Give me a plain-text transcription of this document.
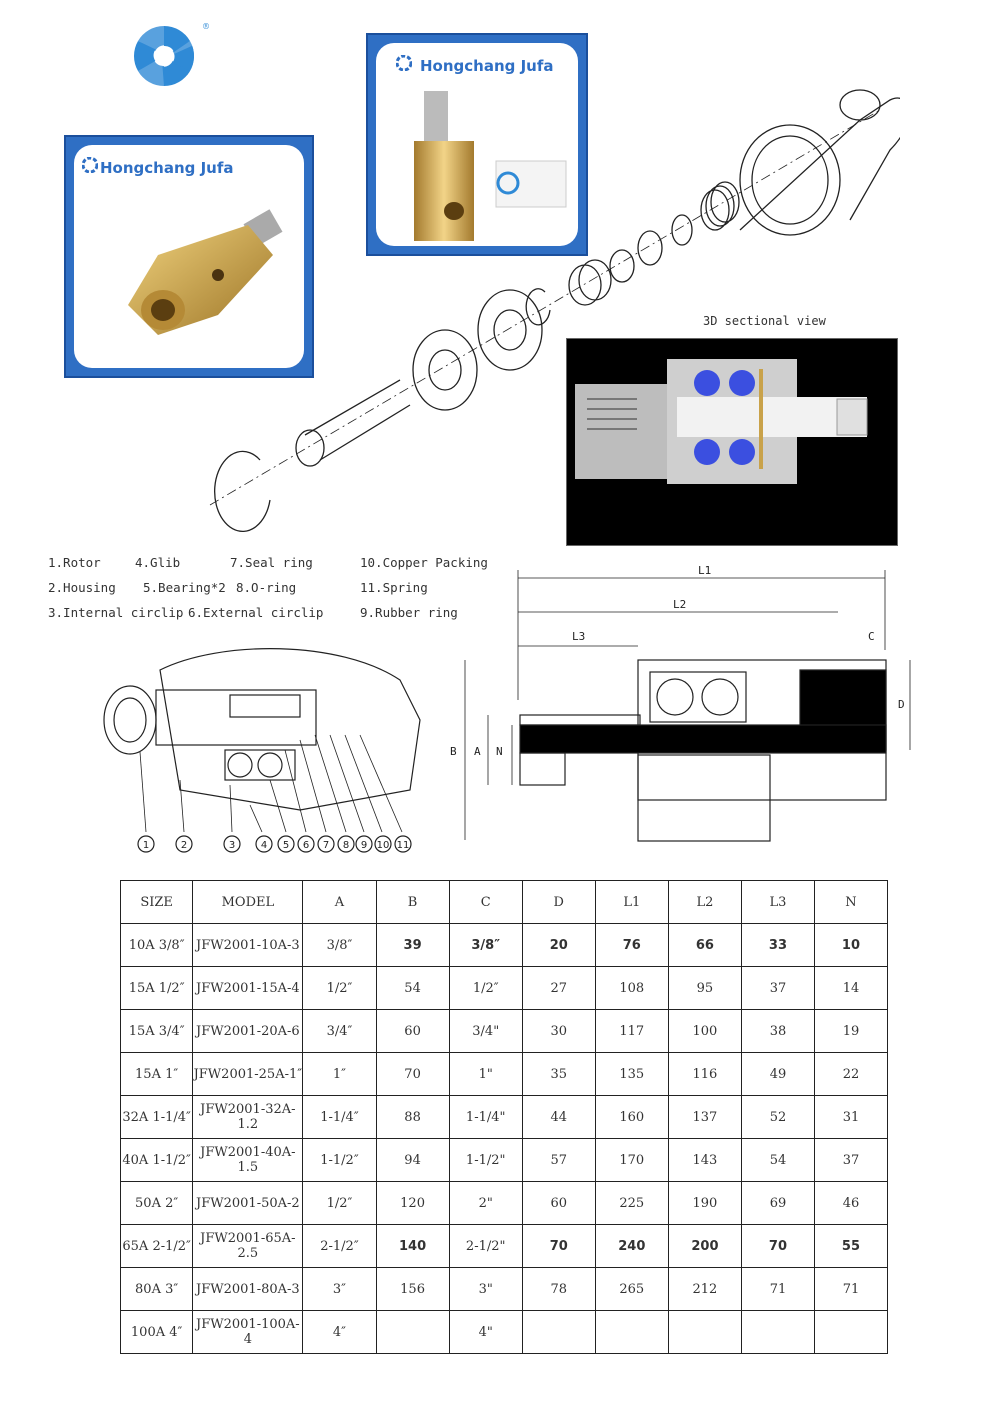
®
Hongchang Jufa
Hongchang Jufa
3D sectional view
1.Rotor	4.Glib	7.Seal ring	10.Copper Packing
2.Housing 5.Bearing*2 8.O-ring	11.Spring
3.Internal circlip 6.External circlip	9.Rubber ring
1	2	3	4 5 6 7 8 9 10 11
L1
L2
L3	C
B A N
D
SIZE	MODEL	A	B	C	D	L1	L2	L3	N
10A 3/8″	JFW2001-10A-3	3/8″	39	3/8″	20	76	66	33	10
15A 1/2″	JFW2001-15A-4	1/2″	54	1/2″	27	108	95	37	14
15A 3/4″	JFW2001-20A-6	3/4″	60	3/4"	30	117	100	38	19
15A 1″	JFW2001-25A-1″	1″	70	1"	35	135	116	49	22
32A 1-1/4″	JFW2001-32A-1.2	1-1/4″	88	1-1/4"	44	160	137	52	31
40A 1-1/2″	JFW2001-40A-1.5	1-1/2″	94	1-1/2"	57	170	143	54	37
50A 2″	JFW2001-50A-2	1/2″	120	2"	60	225	190	69	46
65A 2-1/2″	JFW2001-65A-2.5	2-1/2″	140	2-1/2"	70	240	200	70	55
80A 3″	JFW2001-80A-3	3″	156	3"	78	265	212	71	71
100A 4″	JFW2001-100A-4	4″		4"					
